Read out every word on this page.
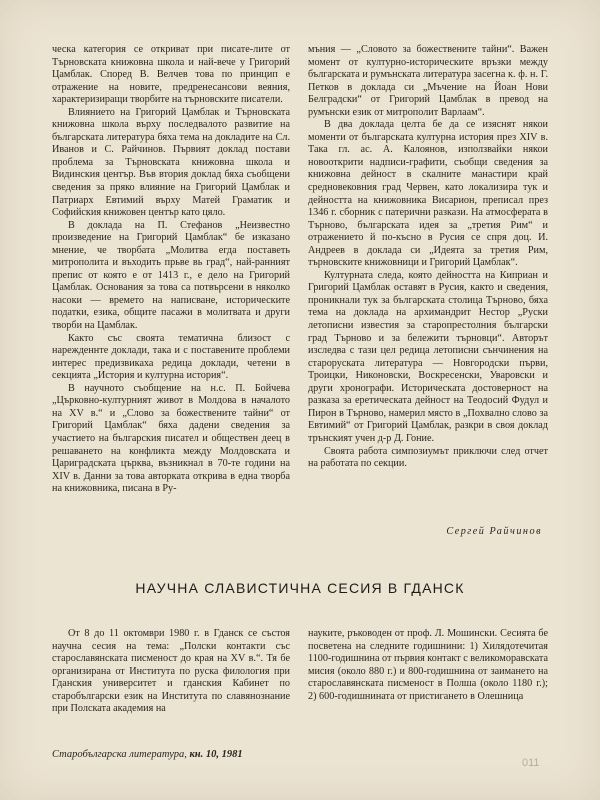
ческа категория се откриват при писате-лите от Търновската книжовна школа и най-вече у Григорий Цамблак. Според В. Велчев това по принцип е отражение на новите, предренесансови веяния, характеризиращи творбите на търновските писатели.

Влиянието на Григорий Цамблак и Търновската книжовна школа върху последвалото развитие на българската литература бяха тема на докладите на Сл. Иванов и С. Райчинов. Първият доклад постави проблема за Търновската книжовна школа и Видинския център. Във втория доклад бяха съобщени сведения за пряко влияние на Григорий Цамблак и Патриарх Евтимий върху Матей Граматик и Софийския книжовен център като цяло.

В доклада на П. Стефанов „Неизвестно произведение на Григорий Цамблак“ бе изказано мнение, че творбата „Молитва егда поставеть митрополита и въходить прьве вь град“, най-ранният препис от която е от 1413 г., е дело на Григорий Цамблак. Основания за това са потвърсени в няколко насоки — времето на написване, историческите податки, езика, общите пасажи в молитвата и други творби на Цамблак.

Както със своята тематична близост с нарежденнте доклади, така и с поставените проблеми интерес предизвикаха редица доклади, четени в секцията „История и културна история“.

В научното съобщение на н.с. П. Бойчева „Църковно-културният живот в Молдова в началото на XV в.“ и „Слово за божествените тайни“ от Григорий Цамблак“ бяха дадени сведения за участието на българския писател и обществен деец в решаването на конфликта между Молдовската и Цариградската църква, възникнал в 70-те години на XIV в. Данни за това авторката открива в една творба на книжовника, писана в Ру-

мъния — „Словото за божествените тайни“. Важен момент от културно-историческите връзки между българската и румънската литература засегна к. ф. н. Г. Петков в доклада си „Мъчение на Йоан Нови Белградски“ от Григорий Цамблак в превод на румънски език от митрополит Варлаам“.

В два доклада целта бе да се изяснят някои моменти от българската културна история през XIV в. Така гл. ас. А. Калоянов, използвайки някои новооткрити надписи-графити, съобщи сведения за книжовна дейност в скалните манастири край средновековния град Червен, като локализира тук и дейността на книжовника Висарион, преписал през 1346 г. сборник с патерични разкази. На атмосферата в Търново, българската идея за „третия Рим“ и отражението й по-късно в Русия се спря доц. И. Андреев в доклада си „Идеята за третия Рим, търновските книжовници и Григорий Цамблак“.

Културната следа, която дейността на Киприан и Григорий Цамблак оставят в Русия, както и сведения, проникнали тук за българската столица Търново, бяха тема на доклада на архимандрит Нестор „Руски летописни известия за старопрестолния български град Търново и за бележити търновци“. Авторът изследва с тази цел редица летописни сънчинения на староруската литература — Новгородски първи, Троицки, Никоновски, Воскресенски, Уваровски и други хронографи. Историческата достоверност на разказа за еретическата дейност на Теодосий Фудул и Пирон в Търново, намерил място в „Похвално слово за Евтимий“ от Григорий Цамблак, разкри в своя доклад трънският учен д-р Д. Гоние.

Своята работа симпозиумът приключи след отчет на работата по секции.

Сергей Райчинов
НАУЧНА СЛАВИСТИЧНА СЕСИЯ В ГДАНСК

От 8 до 11 октомври 1980 г. в Гданск се състоя научна сесия на тема: „Полски контакти със старославянската писменост до края на XV в.“. Тя бе организирана от Института по руска филология при Гданския университет и гданския Кабинет по старобългарски език на Института по славянознание при Полската академия на

науките, ръководен от проф. Л. Мошински. Сесията бе посветена на следните годишнини: 1) Хилядотечитая 1100-годишнина от първия контакт с великоморавската мисия (около 880 г.) и 800-годишнина от заимането на старославянската писменост в Полша (около 1180 г.); 2) 600-годишнината от пристигането в Олешница

Старобългарска литература, кн. 10, 1981
011
